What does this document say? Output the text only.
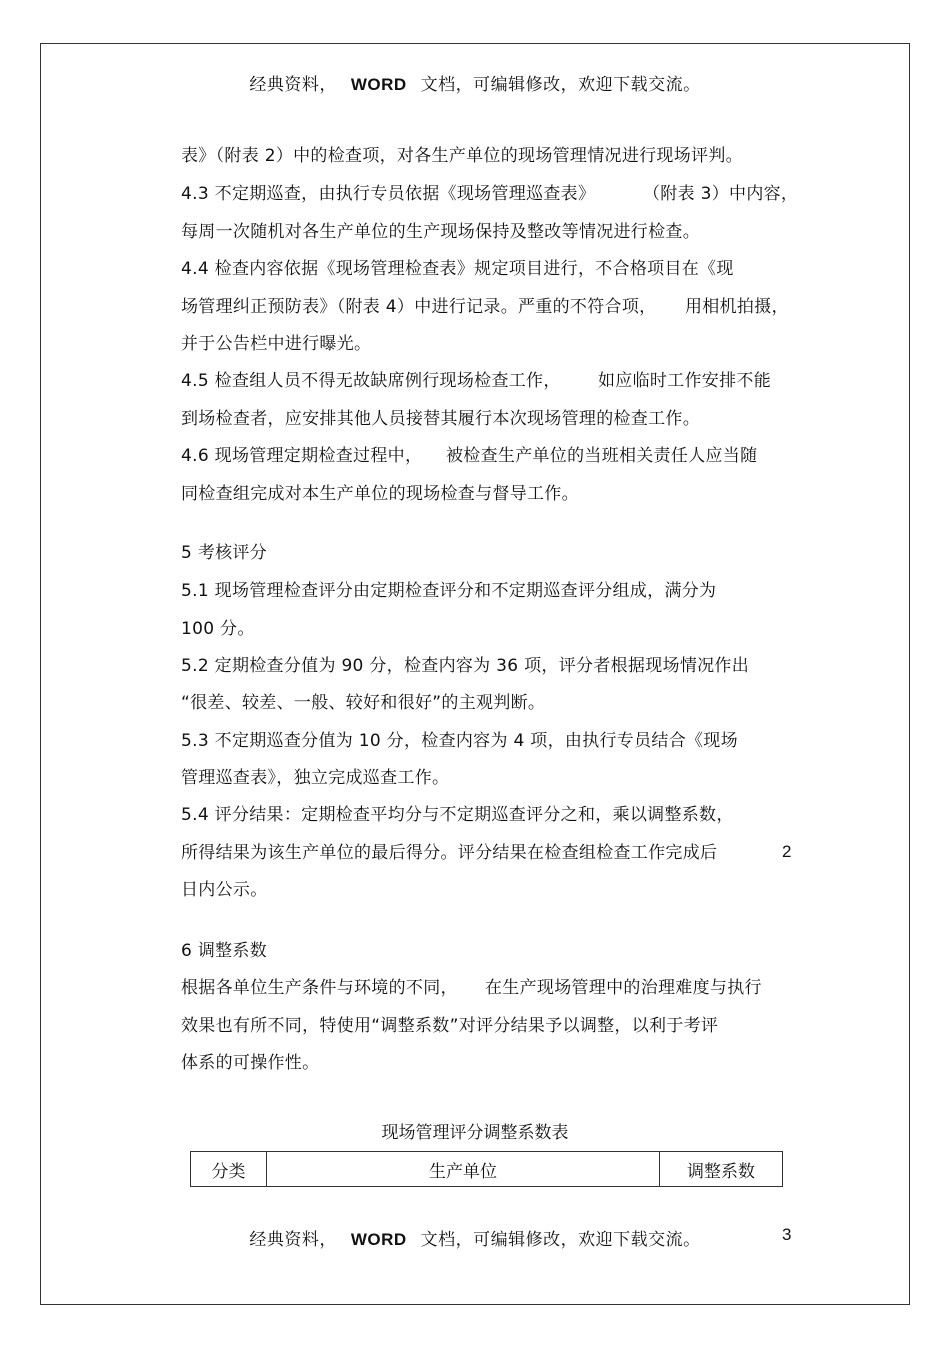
经典资料， WORD 文档，可编辑修改，欢迎下载交流。
表》（附表 2）中的检查项，对各生产单位的现场管理情况进行现场评判。
4.3 不定期巡查，由执行专员依据《现场管理巡查表》	（附表 3）中内容，
每周一次随机对各生产单位的生产现场保持及整改等情况进行检查。
4.4 检查内容依据《现场管理检查表》规定项目进行，不合格项目在《现
场管理纠正预防表》（附表 4）中进行记录。严重的不符合项， 用相机拍摄，
并于公告栏中进行曝光。
4.5 检查组人员不得无故缺席例行现场检查工作， 如应临时工作安排不能
到场检查者，应安排其他人员接替其履行本次现场管理的检查工作。
4.6 现场管理定期检查过程中， 被检查生产单位的当班相关责任人应当随
同检查组完成对本生产单位的现场检查与督导工作。
5 考核评分
5.1 现场管理检查评分由定期检查评分和不定期巡查评分组成，满分为
100 分。
5.2 定期检查分值为 90 分，检查内容为 36 项，评分者根据现场情况作出
“很差、较差、一般、较好和很好”的主观判断。
5.3 不定期巡查分值为 10 分，检查内容为 4 项，由执行专员结合《现场
管理巡查表》，独立完成巡查工作。
5.4 评分结果：定期检查平均分与不定期巡查评分之和，乘以调整系数，
所得结果为该生产单位的最后得分。评分结果在检查组检查工作完成后	2
日内公示。
6 调整系数
根据各单位生产条件与环境的不同， 在生产现场管理中的治理难度与执行
效果也有所不同，特使用“调整系数”对评分结果予以调整，以利于考评
体系的可操作性。
现场管理评分调整系数表
分类	生产单位	调整系数
经典资料， WORD 文档，可编辑修改，欢迎下载交流。	3
